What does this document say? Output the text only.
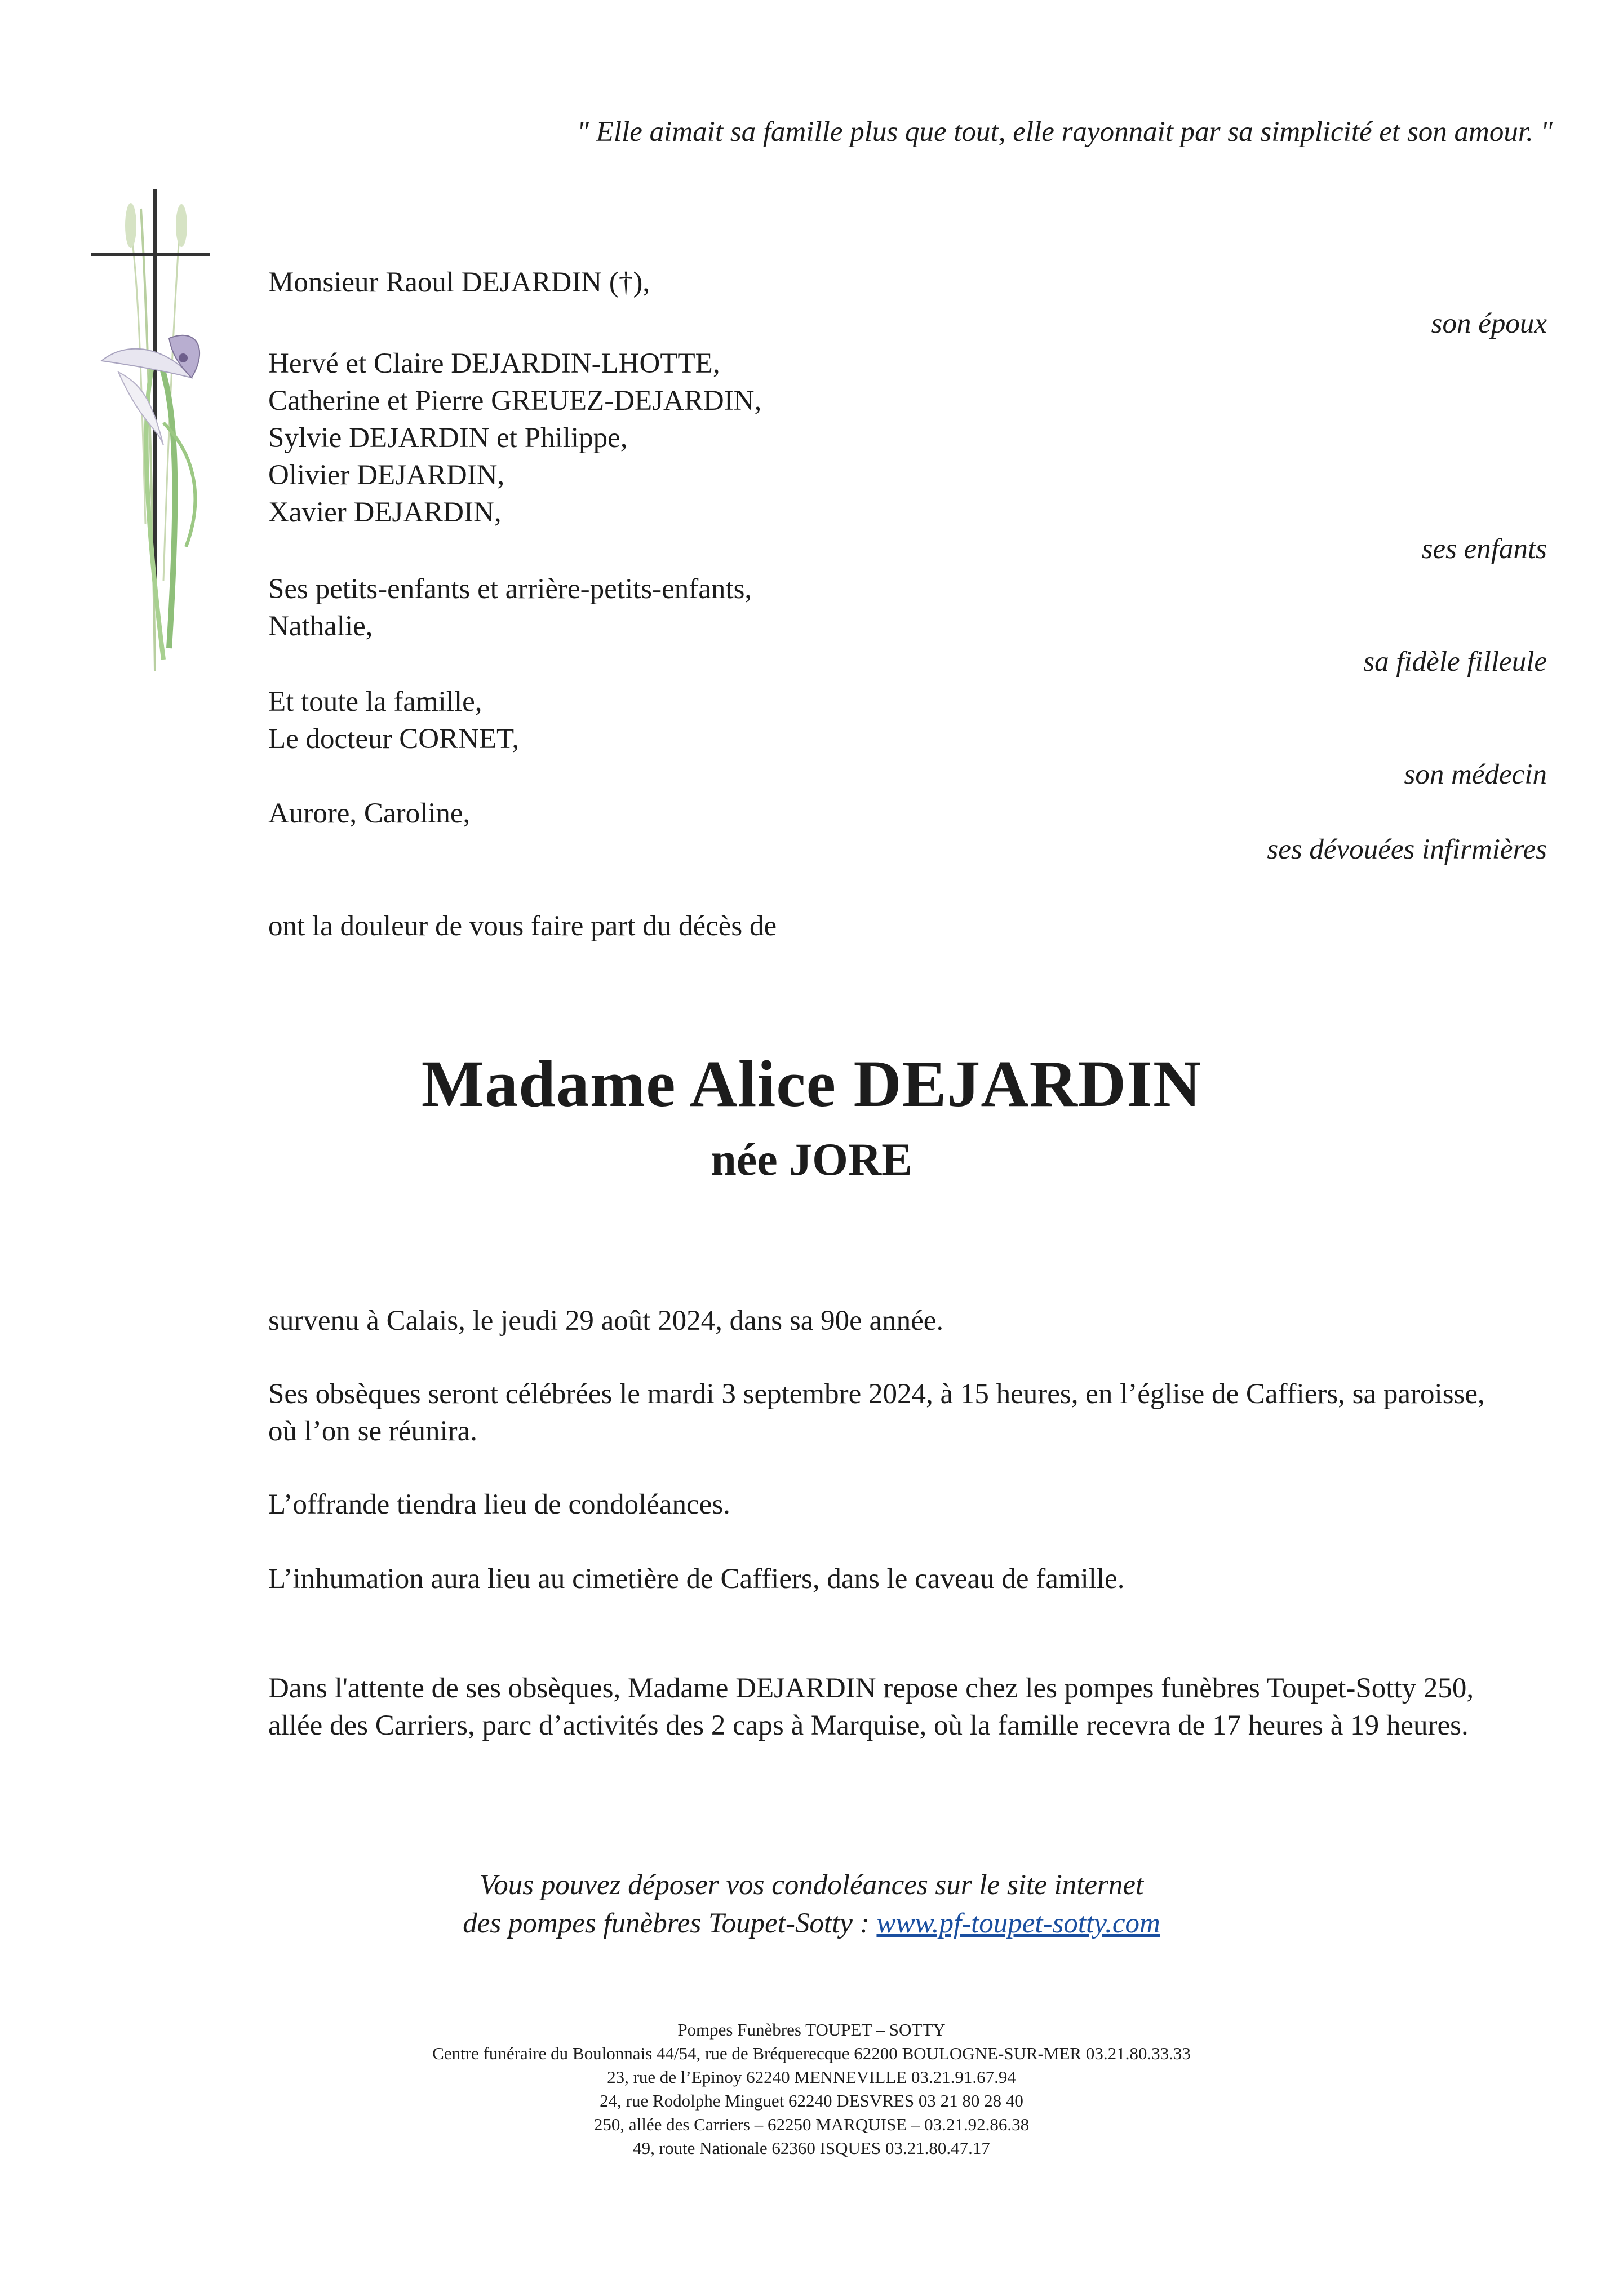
" Elle aimait sa famille plus que tout, elle rayonnait par sa simplicité et son amour. "
Monsieur Raoul DEJARDIN (†),
son époux
Hervé et Claire DEJARDIN-LHOTTE,
Catherine et Pierre GREUEZ-DEJARDIN,
Sylvie DEJARDIN et Philippe,
Olivier DEJARDIN,
Xavier DEJARDIN,
ses enfants
Ses petits-enfants et arrière-petits-enfants,
Nathalie,
sa fidèle filleule
Et toute la famille,
Le docteur CORNET,
son médecin
Aurore, Caroline,
ses dévouées infirmières
ont la douleur de vous faire part du décès de
Madame Alice DEJARDIN
née JORE
survenu à Calais, le jeudi 29 août 2024, dans sa 90e année.
Ses obsèques seront célébrées le mardi 3 septembre 2024, à 15 heures, en l’église de Caffiers, sa paroisse, où l’on se réunira.
L’offrande tiendra lieu de condoléances.
L’inhumation aura lieu au cimetière de Caffiers, dans le caveau de famille.
Dans l'attente de ses obsèques, Madame DEJARDIN repose chez les pompes funèbres Toupet-Sotty 250, allée des Carriers, parc d’activités des 2 caps à Marquise, où la famille recevra de 17 heures à 19 heures.
Vous pouvez déposer vos condoléances sur le site internet
des pompes funèbres Toupet-Sotty : www.pf-toupet-sotty.com
Pompes Funèbres TOUPET – SOTTY
Centre funéraire du Boulonnais 44/54, rue de Bréquerecque 62200 BOULOGNE-SUR-MER 03.21.80.33.33
23, rue de l’Epinoy 62240 MENNEVILLE 03.21.91.67.94
24, rue Rodolphe Minguet 62240 DESVRES 03 21 80 28 40
250, allée des Carriers – 62250 MARQUISE – 03.21.92.86.38
49, route Nationale 62360 ISQUES 03.21.80.47.17
